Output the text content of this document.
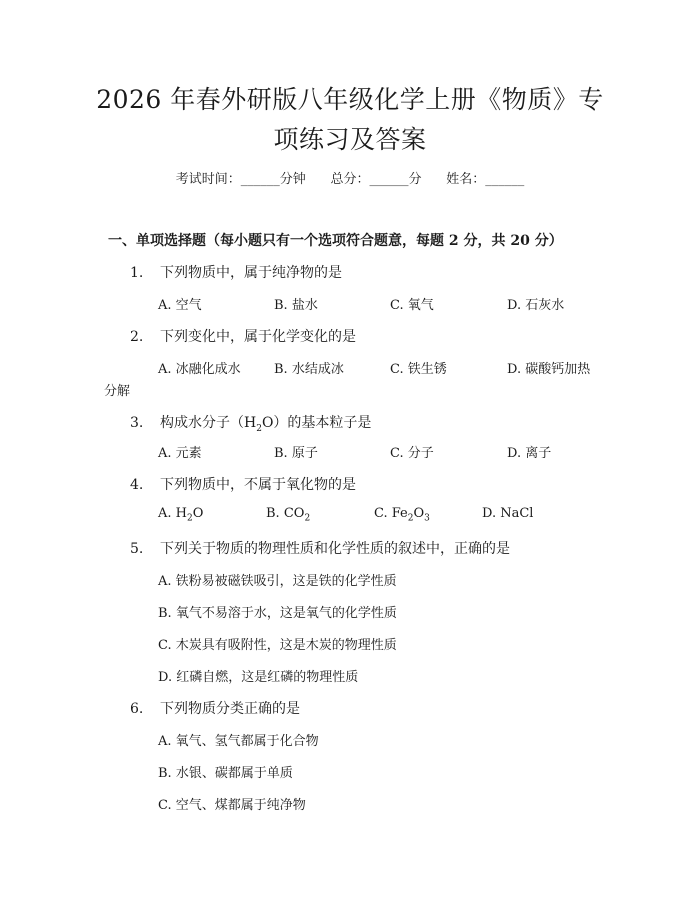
2026 年春外研版八年级化学上册《物质》专
项练习及答案
考试时间：______分钟      总分：______分      姓名：______
一、单项选择题（每小题只有一个选项符合题意，每题 2 分，共 20 分）
1. 下列物质中，属于纯净物的是
A. 空气	B. 盐水	C. 氧气	D. 石灰水
2. 下列变化中，属于化学变化的是
A. 冰融化成水	B. 水结成冰	C. 铁生锈	D. 碳酸钙加热
分解
3. 构成水分子$(H_2O)$的基本粒子是
A. 元素	B. 原子	C. 分子	D. 离子
4. 下列物质中，不属于氧化物的是
A. $H_2O$	B. $CO_2$	C. $Fe_2O_3$	D. NaCl
5. 下列关于物质的物理性质和化学性质的叙述中，正确的是
A. 铁粉易被磁铁吸引，这是铁的化学性质
B. 氧气不易溶于水，这是氧气的化学性质
C. 木炭具有吸附性，这是木炭的物理性质
D. 红磷自燃，这是红磷的物理性质
6. 下列物质分类正确的是
A. 氧气、氢气都属于化合物
B. 水银、碳都属于单质
C. 空气、煤都属于纯净物
